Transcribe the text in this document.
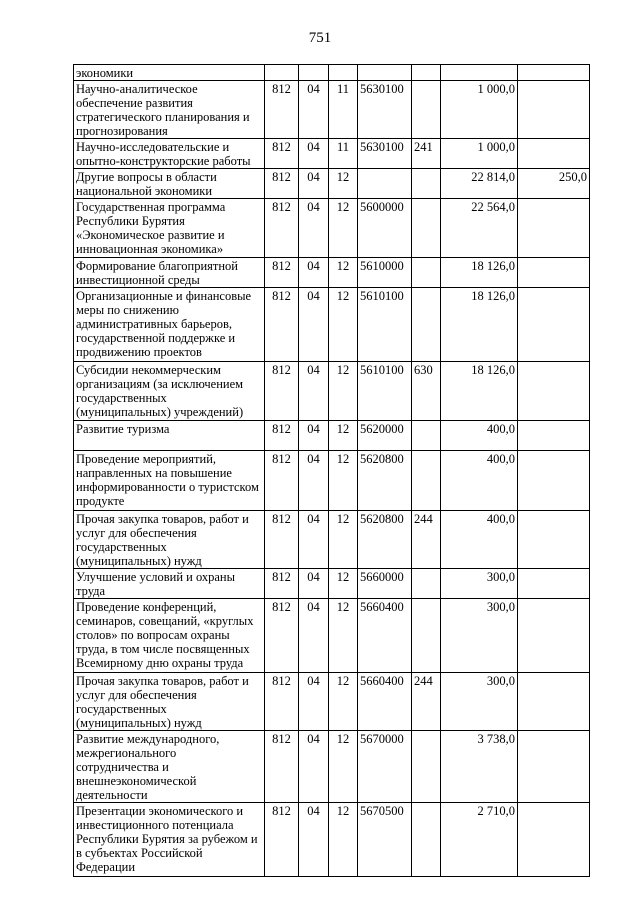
751
экономики							
Научно-аналитическое обеспечение развития стратегического планирования и прогнозирования	812	04	11	5630100		1 000,0	
Научно-исследовательские и опытно-конструкторские работы	812	04	11	5630100	241	1 000,0	
Другие вопросы в области национальной экономики	812	04	12			22 814,0	250,0
Государственная программа Республики Бурятия «Экономическое развитие и инновационная экономика»	812	04	12	5600000		22 564,0	
Формирование благоприятной инвестиционной среды	812	04	12	5610000		18 126,0	
Организационные и финансовые меры по снижению административных барьеров, государственной поддержке и продвижению проектов	812	04	12	5610100		18 126,0	
Субсидии некоммерческим организациям (за исключением государственных (муниципальных) учреждений)	812	04	12	5610100	630	18 126,0	
Развитие туризма	812	04	12	5620000		400,0	
Проведение мероприятий, направленных на повышение информированности о туристском продукте	812	04	12	5620800		400,0	
Прочая закупка товаров, работ и услуг для обеспечения государственных (муниципальных) нужд	812	04	12	5620800	244	400,0	
Улучшение условий и охраны труда	812	04	12	5660000		300,0	
Проведение конференций, семинаров, совещаний, «круглых столов» по вопросам охраны труда, в том числе посвященных Всемирному дню охраны труда	812	04	12	5660400		300,0	
Прочая закупка товаров, работ и услуг для обеспечения государственных (муниципальных) нужд	812	04	12	5660400	244	300,0	
Развитие международного, межрегионального сотрудничества и внешнеэкономической деятельности	812	04	12	5670000		3 738,0	
Презентации экономического и инвестиционного потенциала Республики Бурятия за рубежом и в субъектах Российской Федерации	812	04	12	5670500		2 710,0	
